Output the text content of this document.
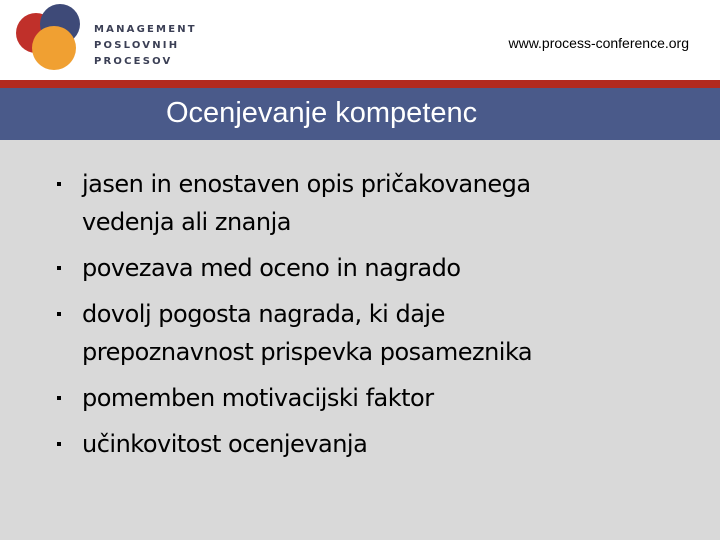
MANAGEMENT
POSLOVNIH
PROCESOV
www.process-conference.org
Ocenjevanje kompetenc
jasen in enostaven opis pričakovanega
vedenja ali znanja
povezava med oceno in nagrado
dovolj pogosta nagrada, ki daje
prepoznavnost prispevka posameznika
pomemben motivacijski faktor
učinkovitost ocenjevanja
